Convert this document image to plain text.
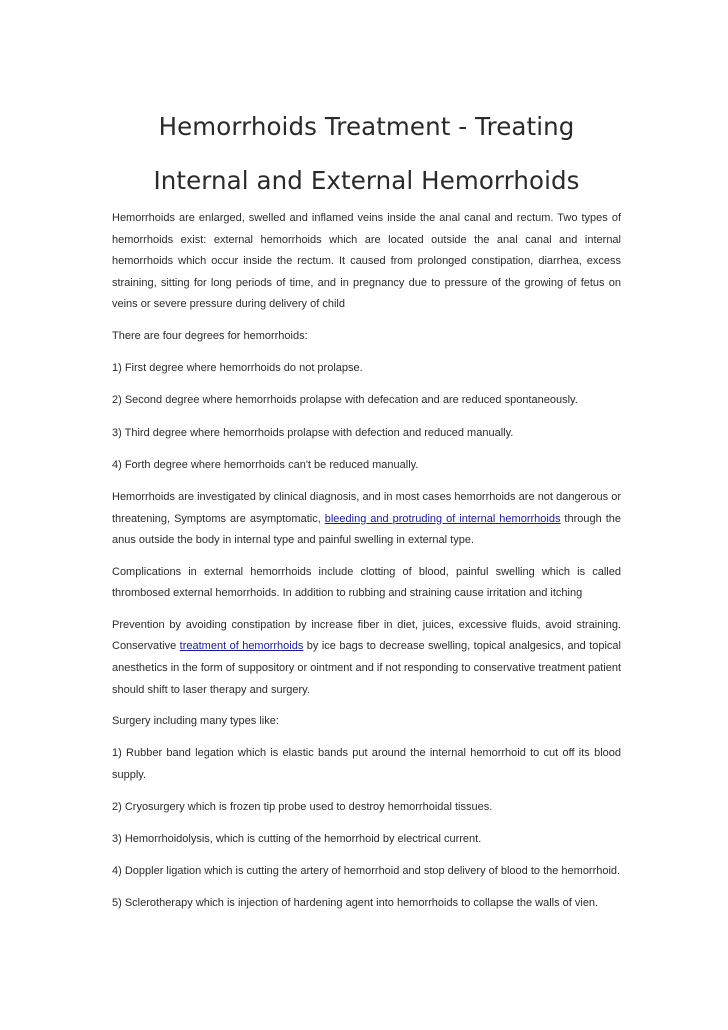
Hemorrhoids Treatment - Treating Internal and External Hemorrhoids

Hemorrhoids are enlarged, swelled and inflamed veins inside the anal canal and rectum. Two types of hemorrhoids exist: external hemorrhoids which are located outside the anal canal and internal hemorrhoids which occur inside the rectum. It caused from prolonged constipation, diarrhea, excess straining, sitting for long periods of time, and in pregnancy due to pressure of the growing of fetus on veins or severe pressure during delivery of child

There are four degrees for hemorrhoids:

1) First degree where hemorrhoids do not prolapse.

2) Second degree where hemorrhoids prolapse with defecation and are reduced spontaneously.

3) Third degree where hemorrhoids prolapse with defection and reduced manually.

4) Forth degree where hemorrhoids can't be reduced manually.

Hemorrhoids are investigated by clinical diagnosis, and in most cases hemorrhoids are not dangerous or threatening, Symptoms are asymptomatic, bleeding and protruding of internal hemorrhoids through the anus outside the body in internal type and painful swelling in external type.

Complications in external hemorrhoids include clotting of blood, painful swelling which is called thrombosed external hemorrhoids. In addition to rubbing and straining cause irritation and itching

Prevention by avoiding constipation by increase fiber in diet, juices, excessive fluids, avoid straining. Conservative treatment of hemorrhoids by ice bags to decrease swelling, topical analgesics, and topical anesthetics in the form of suppository or ointment and if not responding to conservative treatment patient should shift to laser therapy and surgery.

Surgery including many types like:

1) Rubber band legation which is elastic bands put around the internal hemorrhoid to cut off its blood supply.

2) Cryosurgery which is frozen tip probe used to destroy hemorrhoidal tissues.

3) Hemorrhoidolysis, which is cutting of the hemorrhoid by electrical current.

4) Doppler ligation which is cutting the artery of hemorrhoid and stop delivery of blood to the hemorrhoid.

5) Sclerotherapy which is injection of hardening agent into hemorrhoids to collapse the walls of vien.
